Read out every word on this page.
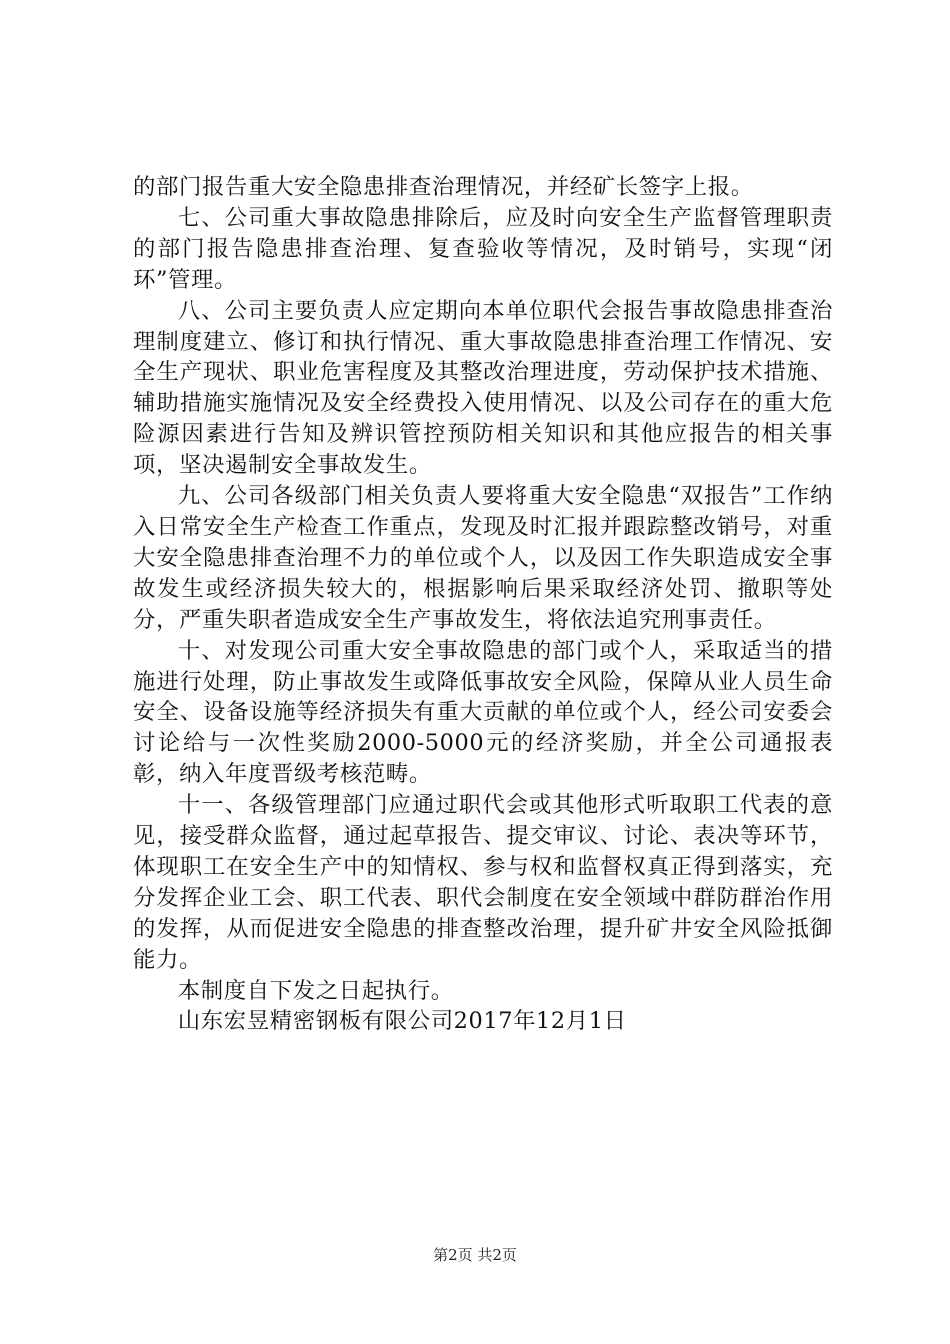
的部门报告重大安全隐患排查治理情况，并经矿长签字上报。

七、公司重大事故隐患排除后，应及时向安全生产监督管理职责的部门报告隐患排查治理、复查验收等情况，及时销号，实现“闭环”管理。

八、公司主要负责人应定期向本单位职代会报告事故隐患排查治理制度建立、修订和执行情况、重大事故隐患排查治理工作情况、安全生产现状、职业危害程度及其整改治理进度，劳动保护技术措施、辅助措施实施情况及安全经费投入使用情况、以及公司存在的重大危险源因素进行告知及辨识管控预防相关知识和其他应报告的相关事项，坚决遏制安全事故发生。

九、公司各级部门相关负责人要将重大安全隐患“双报告”工作纳入日常安全生产检查工作重点，发现及时汇报并跟踪整改销号，对重大安全隐患排查治理不力的单位或个人，以及因工作失职造成安全事故发生或经济损失较大的，根据影响后果采取经济处罚、撤职等处分，严重失职者造成安全生产事故发生，将依法追究刑事责任。

十、对发现公司重大安全事故隐患的部门或个人，采取适当的措施进行处理，防止事故发生或降低事故安全风险，保障从业人员生命安全、设备设施等经济损失有重大贡献的单位或个人，经公司安委会讨论给与一次性奖励2000-5000元的经济奖励，并全公司通报表彰，纳入年度晋级考核范畴。

十一、各级管理部门应通过职代会或其他形式听取职工代表的意见，接受群众监督，通过起草报告、提交审议、讨论、表决等环节，体现职工在安全生产中的知情权、参与权和监督权真正得到落实，充分发挥企业工会、职工代表、职代会制度在安全领域中群防群治作用的发挥，从而促进安全隐患的排查整改治理，提升矿井安全风险抵御能力。

本制度自下发之日起执行。

山东宏昱精密钢板有限公司2017年12月1日

第2页 共2页
